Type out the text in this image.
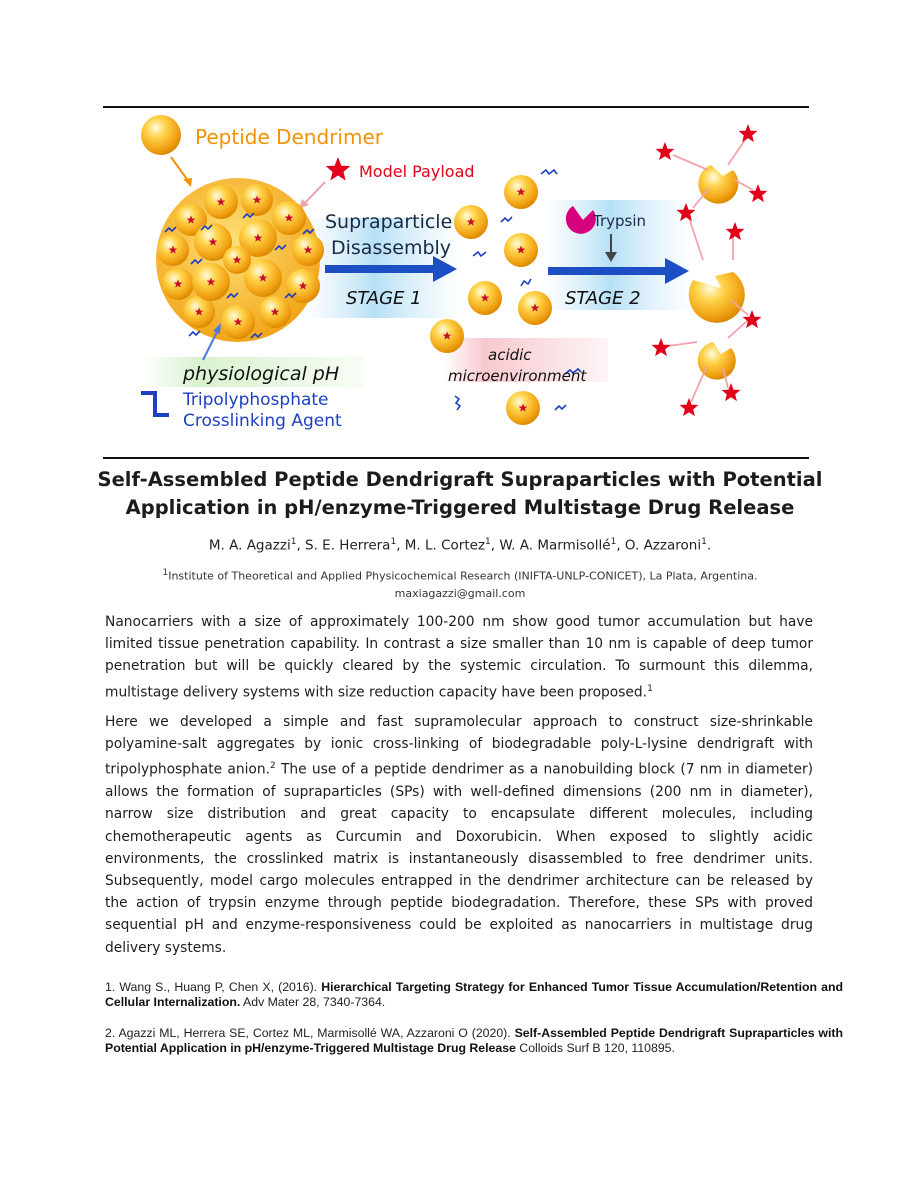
Peptide Dendrimer
Model Payload
Supraparticle
Disassembly
STAGE 1
acidic
microenvironment
Trypsin
STAGE 2
physiological pH
Tripolyphosphate
Crosslinking Agent
Self-Assembled Peptide Dendrigraft Supraparticles with Potential
Application in pH/enzyme-Triggered Multistage Drug Release
M. A. Agazzi$^1$, S. E. Herrera$^1$, M. L. Cortez$^1$, W. A. Marmisollé$^1$, O. Azzaroni$^1$.
$^1$Institute of Theoretical and Applied Physicochemical Research (INIFTA-UNLP-CONICET), La Plata, Argentina.
maxiagazzi@gmail.com

Nanocarriers with a size of approximately 100-200 nm show good tumor accumulation but have limited tissue penetration capability. In contrast a size smaller than 10 nm is capable of deep tumor penetration but will be quickly cleared by the systemic circulation. To surmount this dilemma, multistage delivery systems with size reduction capacity have been proposed.$^1$

Here we developed a simple and fast supramolecular approach to construct size-shrinkable polyamine-salt aggregates by ionic cross-linking of biodegradable poly-L-lysine dendrigraft with tripolyphosphate anion.$^2$ The use of a peptide dendrimer as a nanobuilding block (7 nm in diameter) allows the formation of supraparticles (SPs) with well-defined dimensions (200 nm in diameter), narrow size distribution and great capacity to encapsulate different molecules, including chemotherapeutic agents as Curcumin and Doxorubicin. When exposed to slightly acidic environments, the crosslinked matrix is instantaneously disassembled to free dendrimer units. Subsequently, model cargo molecules entrapped in the dendrimer architecture can be released by the action of trypsin enzyme through peptide biodegradation. Therefore, these SPs with proved sequential pH and enzyme-responsiveness could be exploited as nanocarriers in multistage drug delivery systems.

1. Wang S., Huang P, Chen X, (2016). Hierarchical Targeting Strategy for Enhanced Tumor Tissue Accumulation/Retention and Cellular Internalization. Adv Mater 28, 7340-7364.

2. Agazzi ML, Herrera SE, Cortez ML, Marmisollé WA, Azzaroni O (2020). Self-Assembled Peptide Dendrigraft Supraparticles with Potential Application in pH/enzyme-Triggered Multistage Drug Release Colloids Surf B 120, 110895.
